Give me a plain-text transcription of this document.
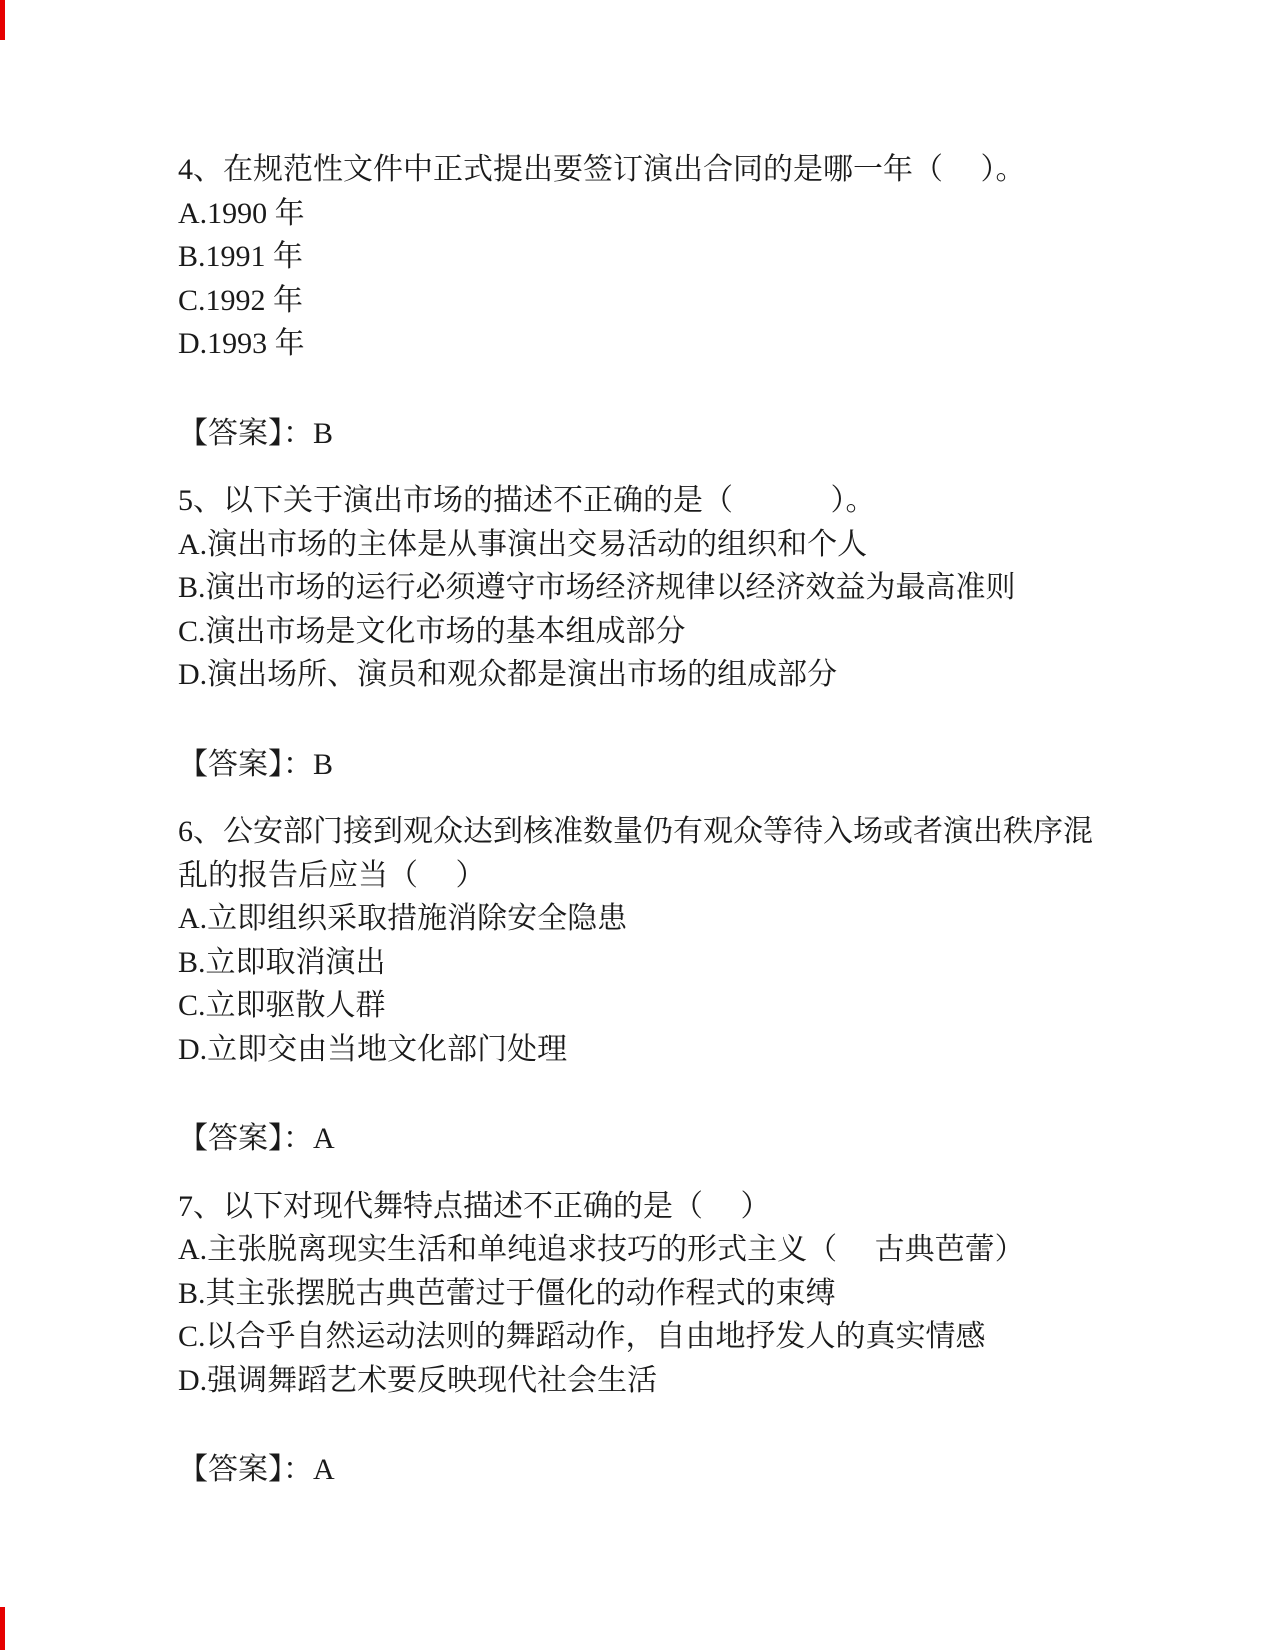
4、在规范性文件中正式提出要签订演出合同的是哪一年（　 ）。

A.1990 年

B.1991 年

C.1992 年

D.1993 年

【答案】：B

5、以下关于演出市场的描述不正确的是（　　　 ）。

A.演出市场的主体是从事演出交易活动的组织和个人

B.演出市场的运行必须遵守市场经济规律以经济效益为最高准则

C.演出市场是文化市场的基本组成部分

D.演出场所、演员和观众都是演出市场的组成部分

【答案】：B

6、公安部门接到观众达到核准数量仍有观众等待入场或者演出秩序混

乱的报告后应当（　 ）

A.立即组织采取措施消除安全隐患

B.立即取消演出

C.立即驱散人群

D.立即交由当地文化部门处理

【答案】：A

7、以下对现代舞特点描述不正确的是（　 ）

A.主张脱离现实生活和单纯追求技巧的形式主义（　 古典芭蕾）

B.其主张摆脱古典芭蕾过于僵化的动作程式的束缚

C.以合乎自然运动法则的舞蹈动作，自由地抒发人的真实情感

D.强调舞蹈艺术要反映现代社会生活

【答案】：A
